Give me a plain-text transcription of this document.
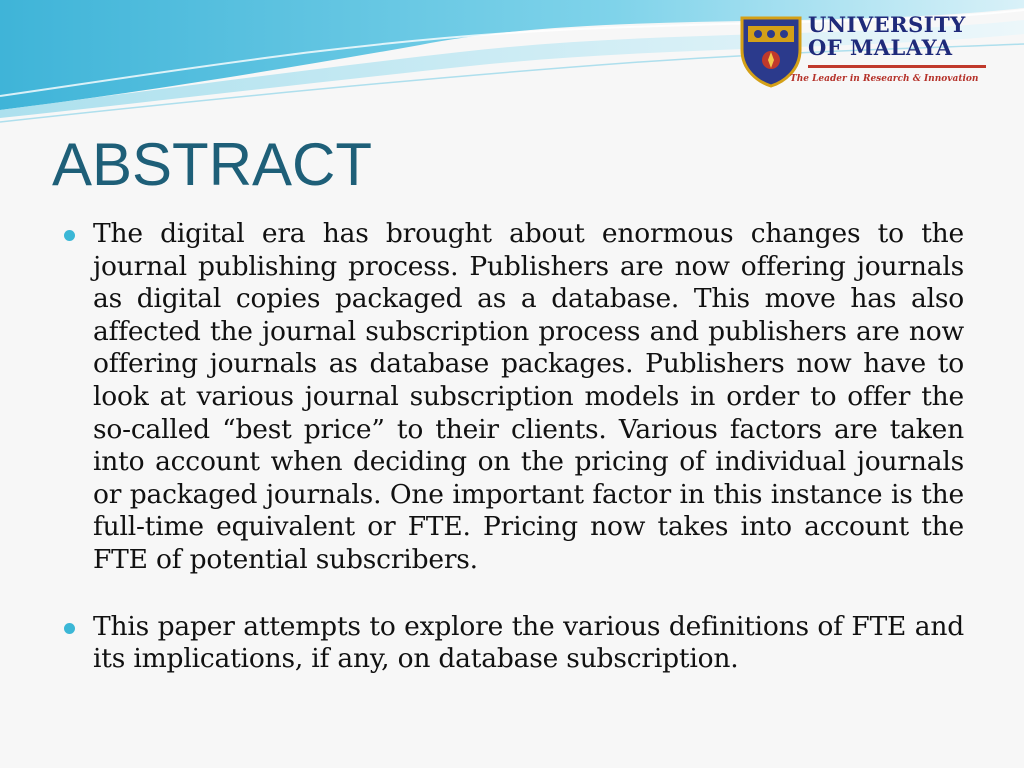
UNIVERSITY
OF MALAYA
The Leader in Research & Innovation
ABSTRACT
The digital era has brought about enormous changes to the journal publishing process. Publishers are now offering journals as digital copies packaged as a database. This move has also affected the journal subscription process and publishers are now offering journals as database packages. Publishers now have to look at various journal subscription models in order to offer the so-called “best price” to their clients. Various factors are taken into account when deciding on the pricing of individual journals or packaged journals. One important factor in this instance is the full-time equivalent or FTE. Pricing now takes into account the FTE of potential subscribers.
This paper attempts to explore the various definitions of FTE and its implications, if any, on database subscription.
